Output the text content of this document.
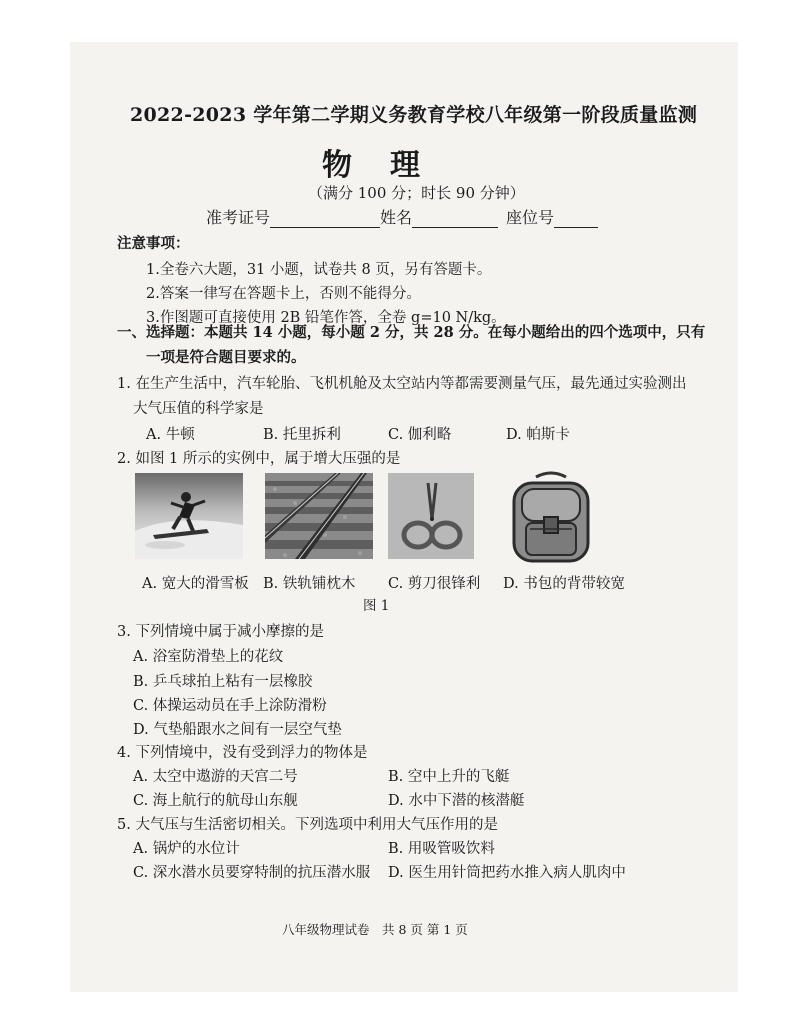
2022-2023 学年第二学期义务教育学校八年级第一阶段质量监测
物理
（满分 100 分；时长 90 分钟）
准考证号	姓名	座位号
注意事项：
1.全卷六大题，31 小题，试卷共 8 页，另有答题卡。
2.答案一律写在答题卡上，否则不能得分。
3.作图题可直接使用 2B 铅笔作答，全卷 g=10 N/kg。
一、选择题：本题共 14 小题，每小题 2 分，共 28 分。在每小题给出的四个选项中，只有
一项是符合题目要求的。
1. 在生产生活中，汽车轮胎、飞机机舱及太空站内等都需要测量气压，最先通过实验测出
大气压值的科学家是
A. 牛顿	B. 托里拆利	C. 伽利略	D. 帕斯卡
2. 如图 1 所示的实例中，属于增大压强的是
A. 宽大的滑雪板 B. 铁轨铺枕木 C. 剪刀很锋利 D. 书包的背带较宽
图 1
3. 下列情境中属于减小摩擦的是
A. 浴室防滑垫上的花纹
B. 乒乓球拍上粘有一层橡胶
C. 体操运动员在手上涂防滑粉
D. 气垫船跟水之间有一层空气垫
4. 下列情境中，没有受到浮力的物体是
A. 太空中遨游的天宫二号	B. 空中上升的飞艇
C. 海上航行的航母山东舰	D. 水中下潜的核潜艇
5. 大气压与生活密切相关。下列选项中利用大气压作用的是
A. 锅炉的水位计	B. 用吸管吸饮料
C. 深水潜水员要穿特制的抗压潜水服 D. 医生用针筒把药水推入病人肌肉中
八年级物理试卷　共 8 页 第 1 页
